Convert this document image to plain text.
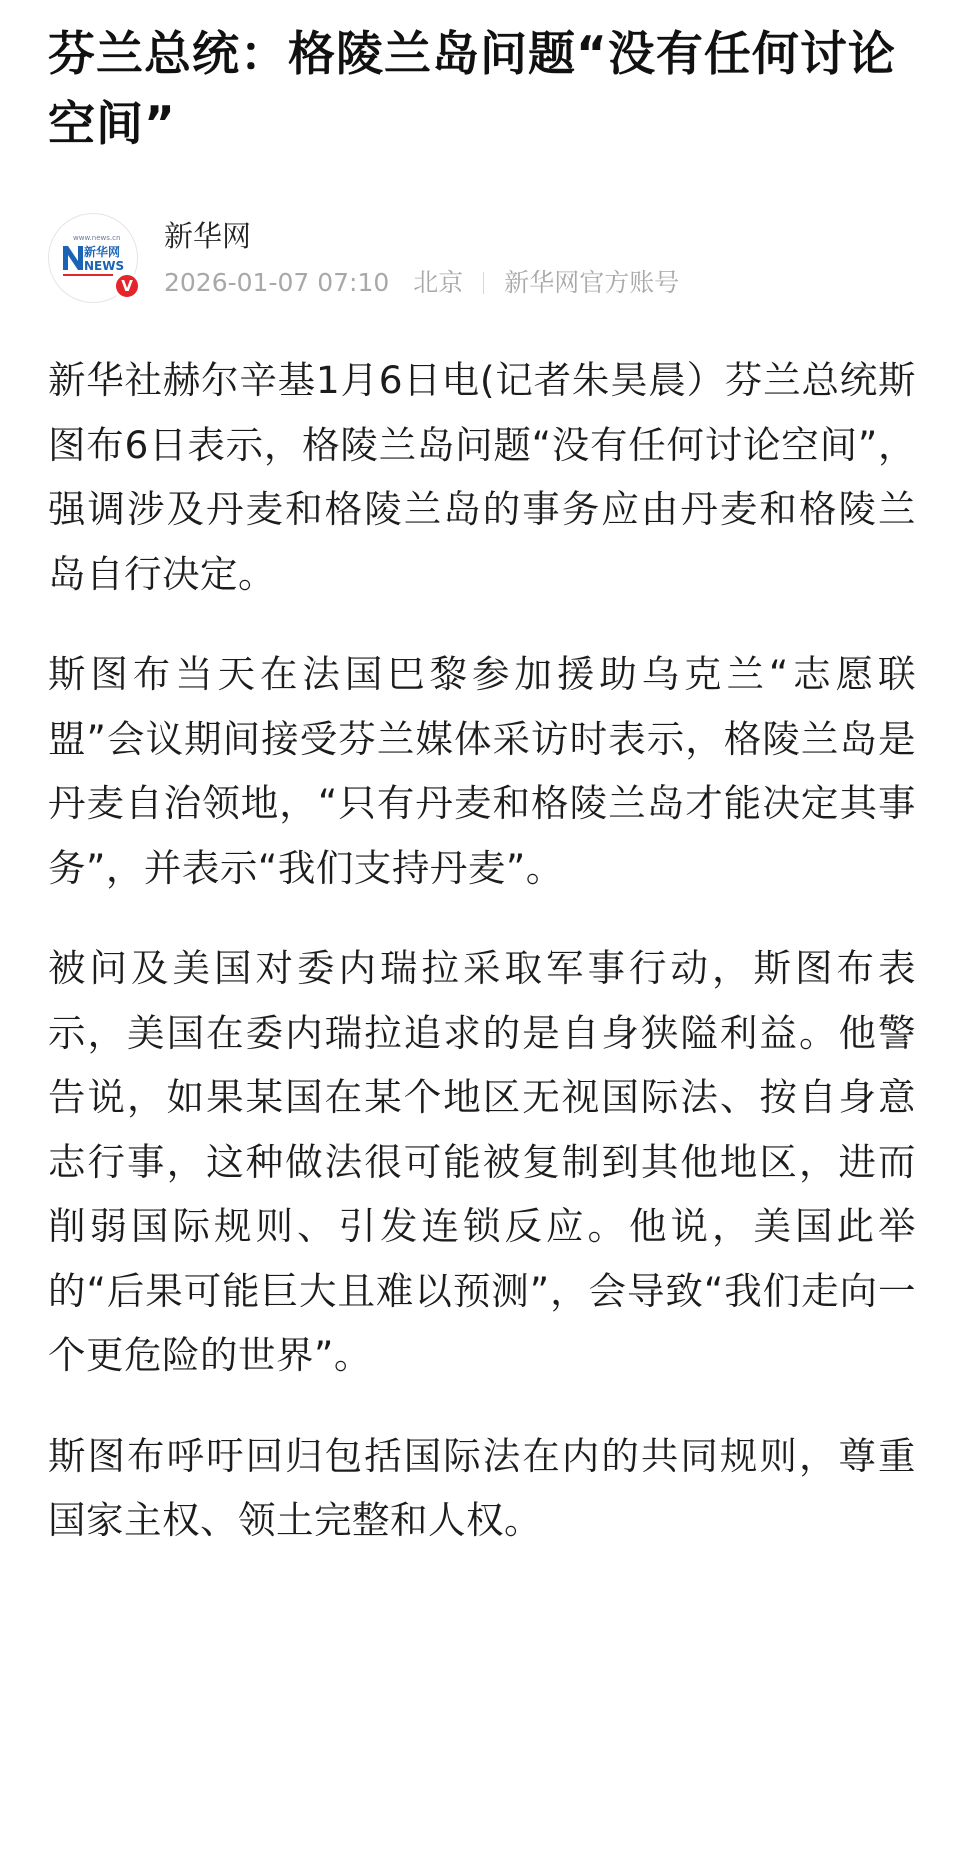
芬兰总统：格陵兰岛问题“没有任何讨论空间”
www.news.cn
新华网
NEWS
V
新华网
2026-01-07 07:10 北京 新华网官方账号

新华社赫尔辛基1月6日电(记者朱昊晨）芬兰总统斯图布6日表示，格陵兰岛问题“没有任何讨论空间”，强调涉及丹麦和格陵兰岛的事务应由丹麦和格陵兰岛自行决定。

斯图布当天在法国巴黎参加援助乌克兰“志愿联盟”会议期间接受芬兰媒体采访时表示，格陵兰岛是丹麦自治领地，“只有丹麦和格陵兰岛才能决定其事务”，并表示“我们支持丹麦”。

被问及美国对委内瑞拉采取军事行动，斯图布表示，美国在委内瑞拉追求的是自身狭隘利益。他警告说，如果某国在某个地区无视国际法、按自身意志行事，这种做法很可能被复制到其他地区，进而削弱国际规则、引发连锁反应。他说，美国此举的“后果可能巨大且难以预测”，会导致“我们走向一个更危险的世界”。

斯图布呼吁回归包括国际法在内的共同规则，尊重国家主权、领土完整和人权。
